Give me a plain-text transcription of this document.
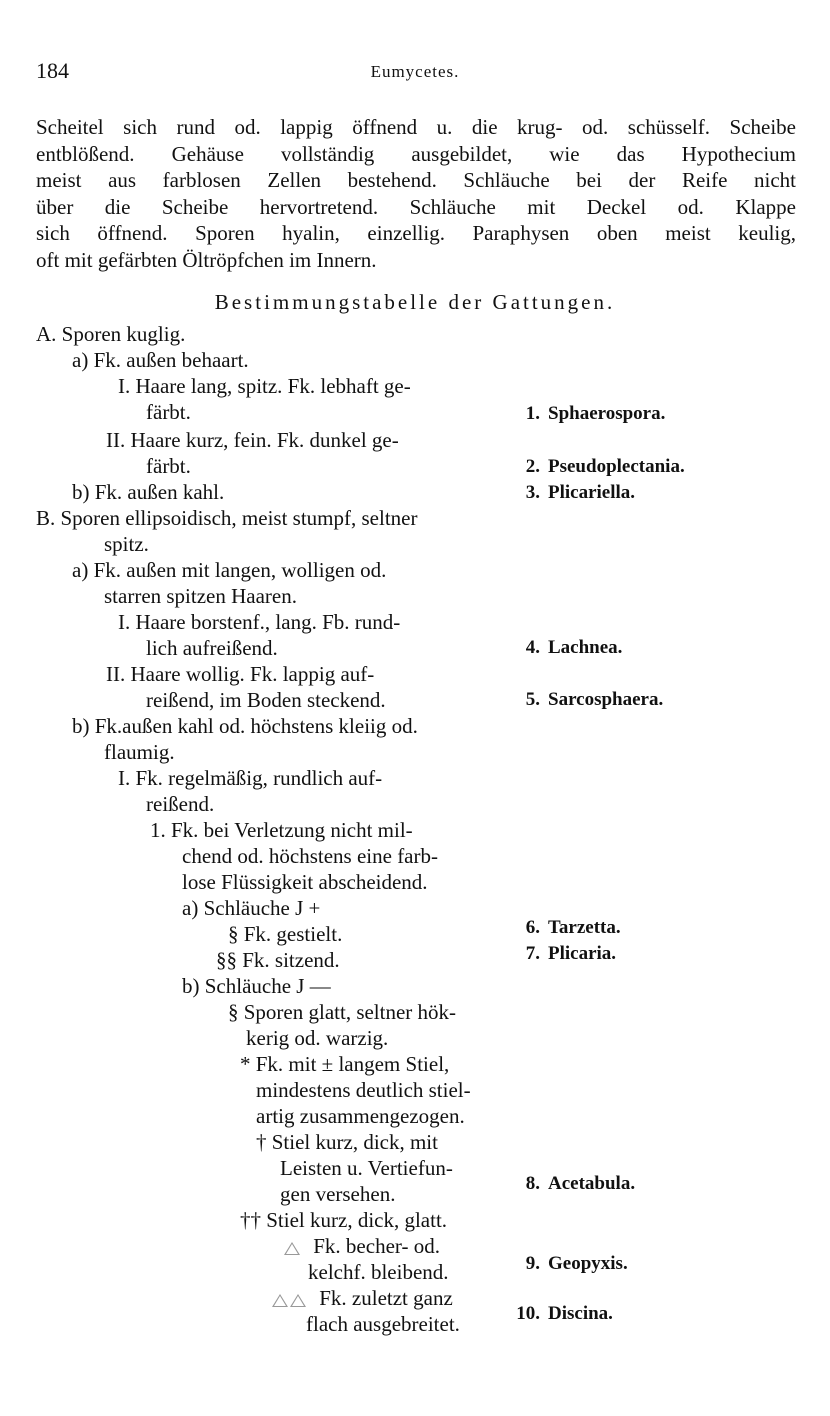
184	Eumycetes.
Scheitel sich rund od. lappig öffnend u. die krug- od. schüsself. Scheibe
entblößend. Gehäuse vollständig ausgebildet, wie das Hypothecium
meist aus farblosen Zellen bestehend. Schläuche bei der Reife nicht
über die Scheibe hervortretend. Schläuche mit Deckel od. Klappe
sich öffnend. Sporen hyalin, einzellig. Paraphysen oben meist keulig,
oft mit gefärbten Öltröpfchen im Innern.
Bestimmungstabelle der Gattungen.
A. Sporen kuglig.
a) Fk. außen behaart.
I. Haare lang, spitz. Fk. lebhaft ge-
färbt.
II. Haare kurz, fein. Fk. dunkel ge-
färbt.
b) Fk. außen kahl.
B. Sporen ellipsoidisch, meist stumpf, seltner
spitz.
a) Fk. außen mit langen, wolligen od.
starren spitzen Haaren.
I. Haare borstenf., lang. Fb. rund-
lich aufreißend.
II. Haare wollig. Fk. lappig auf-
reißend, im Boden steckend.
b) Fk.außen kahl od. höchstens kleiig od.
flaumig.
I. Fk. regelmäßig, rundlich auf-
reißend.
1. Fk. bei Verletzung nicht mil-
chend od. höchstens eine farb-
lose Flüssigkeit abscheidend.
a) Schläuche J +
§ Fk. gestielt.
§§ Fk. sitzend.
b) Schläuche J —
§ Sporen glatt, seltner hök-
kerig od. warzig.
* Fk. mit ± langem Stiel,
mindestens deutlich stiel-
artig zusammengezogen.
† Stiel kurz, dick, mit
Leisten u. Vertiefun-
gen versehen.
†† Stiel kurz, dick, glatt.
Fk. becher- od.
kelchf. bleibend.
Fk. zuletzt ganz
flach ausgebreitet.
1. Sphaerospora.
2. Pseudoplectania.
3. Plicariella.
4. Lachnea.
5. Sarcosphaera.
6. Tarzetta.
7. Plicaria.
8. Acetabula.
9. Geopyxis.
10. Discina.
